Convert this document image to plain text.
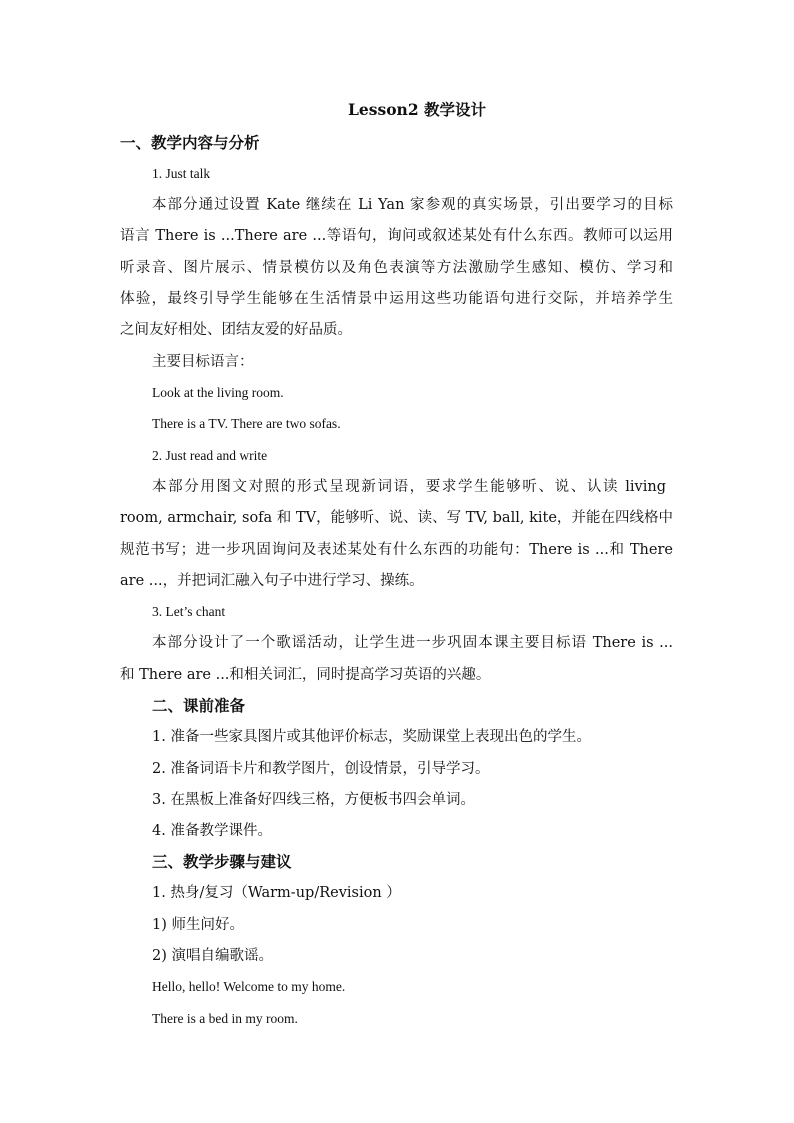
Lesson2 教学设计
一、教学内容与分析
1. Just talk
本部分通过设置 Kate 继续在 Li Yan 家参观的真实场景，引出要学习的目标
语言 There is ...There are ...等语句，询问或叙述某处有什么东西。教师可以运用
听录音、图片展示、情景模仿以及角色表演等方法激励学生感知、模仿、学习和
体验，最终引导学生能够在生活情景中运用这些功能语句进行交际，并培养学生
之间友好相处、团结友爱的好品质。
主要目标语言：
Look at the living room.
There is a TV. There are two sofas.
2. Just read and write
本部分用图文对照的形式呈现新词语，要求学生能够听、说、认读 living
room, armchair, sofa 和 TV，能够听、说、读、写 TV, ball, kite，并能在四线格中
规范书写；进一步巩固询问及表述某处有什么东西的功能句：There is ...和 There
are ...，并把词汇融入句子中进行学习、操练。
3. Let’s chant
本部分设计了一个歌谣活动，让学生进一步巩固本课主要目标语 There is ...
和 There are ...和相关词汇，同时提高学习英语的兴趣。
二、课前准备
1. 准备一些家具图片或其他评价标志，奖励课堂上表现出色的学生。
2. 准备词语卡片和教学图片，创设情景，引导学习。
3. 在黑板上准备好四线三格，方便板书四会单词。
4. 准备教学课件。
三、教学步骤与建议
1. 热身/复习（Warm-up/Revision ）
1) 师生问好。
2) 演唱自编歌谣。
Hello, hello! Welcome to my home.
There is a bed in my room.
